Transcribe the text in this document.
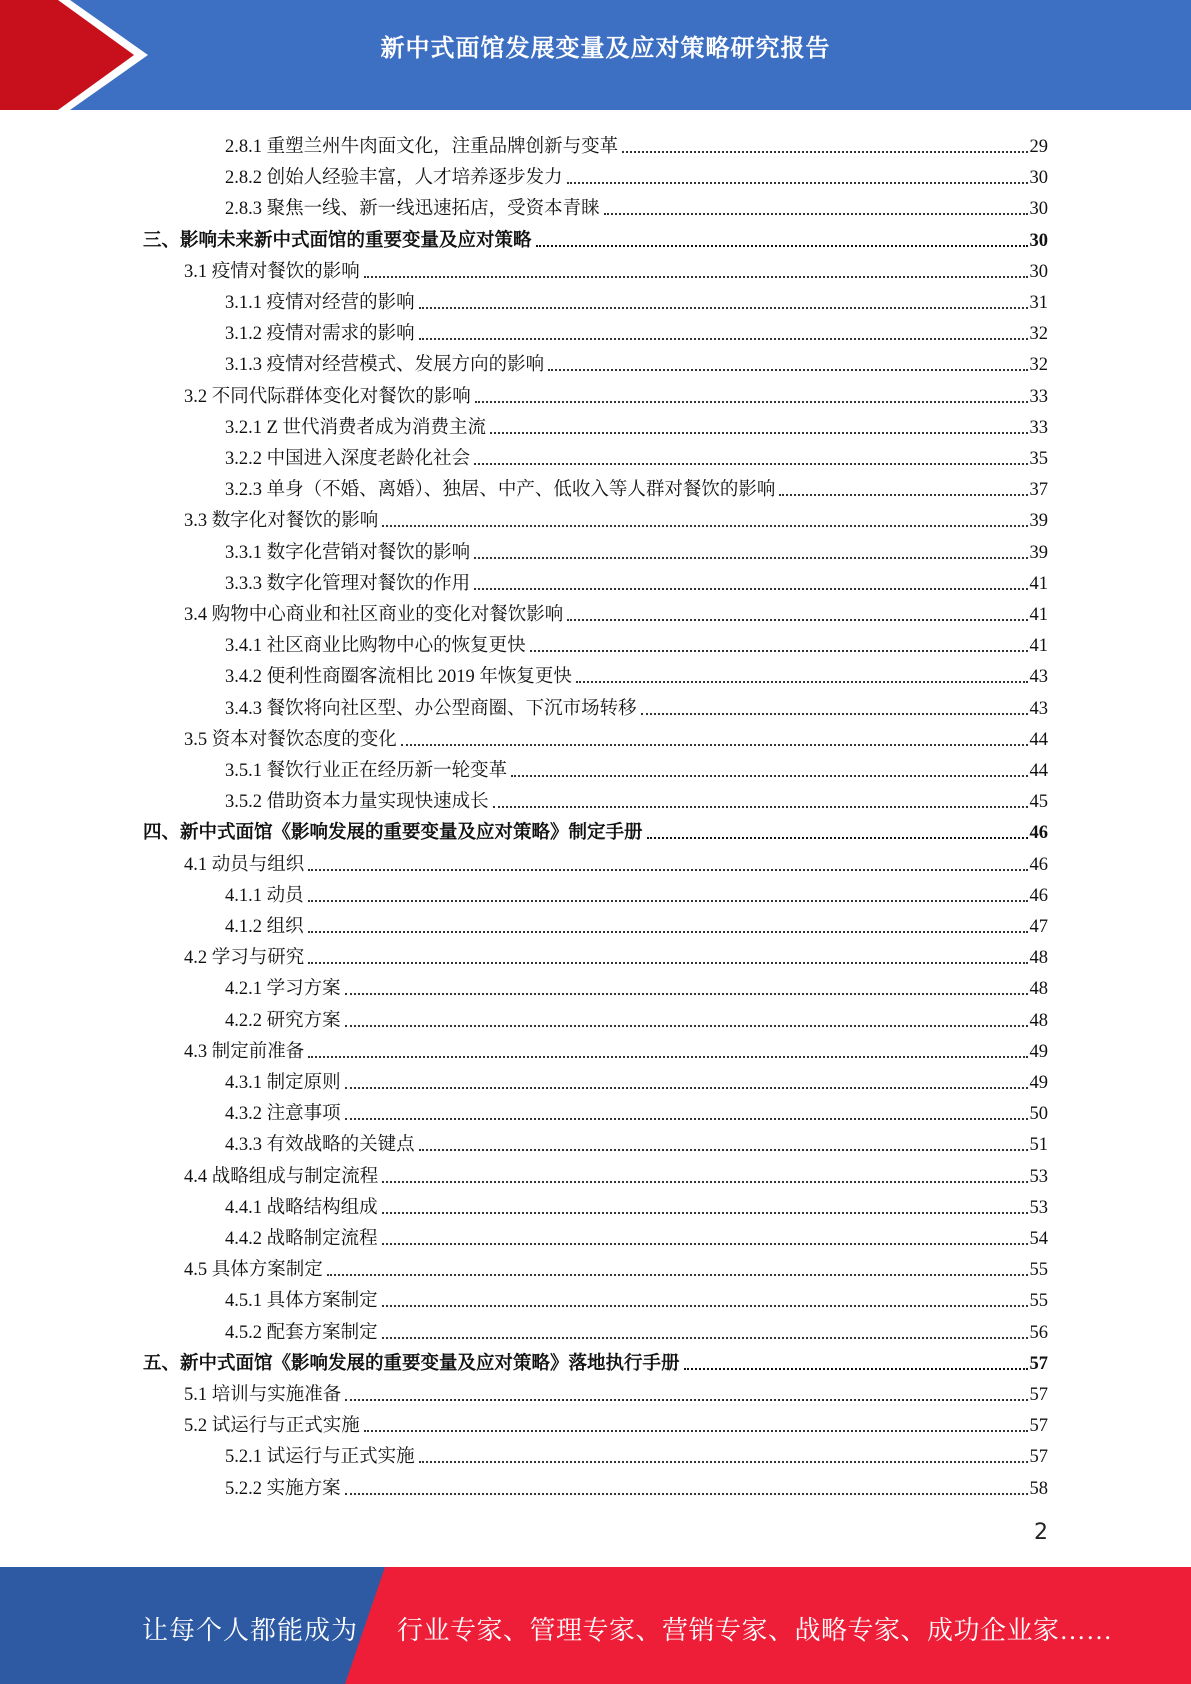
新中式面馆发展变量及应对策略研究报告
2.8.1 重塑兰州牛肉面文化，注重品牌创新与变革	29
2.8.2 创始人经验丰富，人才培养逐步发力	30
2.8.3 聚焦一线、新一线迅速拓店，受资本青睐	30
三、影响未来新中式面馆的重要变量及应对策略	30
3.1 疫情对餐饮的影响	30
3.1.1 疫情对经营的影响	31
3.1.2 疫情对需求的影响	32
3.1.3 疫情对经营模式、发展方向的影响	32
3.2 不同代际群体变化对餐饮的影响	33
3.2.1 Z 世代消费者成为消费主流	33
3.2.2 中国进入深度老龄化社会	35
3.2.3 单身（不婚、离婚）、独居、中产、低收入等人群对餐饮的影响	37
3.3 数字化对餐饮的影响	39
3.3.1 数字化营销对餐饮的影响	39
3.3.3 数字化管理对餐饮的作用	41
3.4 购物中心商业和社区商业的变化对餐饮影响	41
3.4.1 社区商业比购物中心的恢复更快	41
3.4.2 便利性商圈客流相比 2019 年恢复更快	43
3.4.3 餐饮将向社区型、办公型商圈、下沉市场转移	43
3.5 资本对餐饮态度的变化	44
3.5.1 餐饮行业正在经历新一轮变革	44
3.5.2 借助资本力量实现快速成长	45
四、新中式面馆《影响发展的重要变量及应对策略》制定手册	46
4.1 动员与组织	46
4.1.1 动员	46
4.1.2 组织	47
4.2 学习与研究	48
4.2.1 学习方案	48
4.2.2 研究方案	48
4.3 制定前准备	49
4.3.1 制定原则	49
4.3.2 注意事项	50
4.3.3 有效战略的关键点	51
4.4 战略组成与制定流程	53
4.4.1 战略结构组成	53
4.4.2 战略制定流程	54
4.5 具体方案制定	55
4.5.1 具体方案制定	55
4.5.2 配套方案制定	56
五、新中式面馆《影响发展的重要变量及应对策略》落地执行手册	57
5.1 培训与实施准备	57
5.2 试运行与正式实施	57
5.2.1 试运行与正式实施	57
5.2.2 实施方案	58
2
让每个人都能成为 行业专家、管理专家、营销专家、战略专家、成功企业家……
